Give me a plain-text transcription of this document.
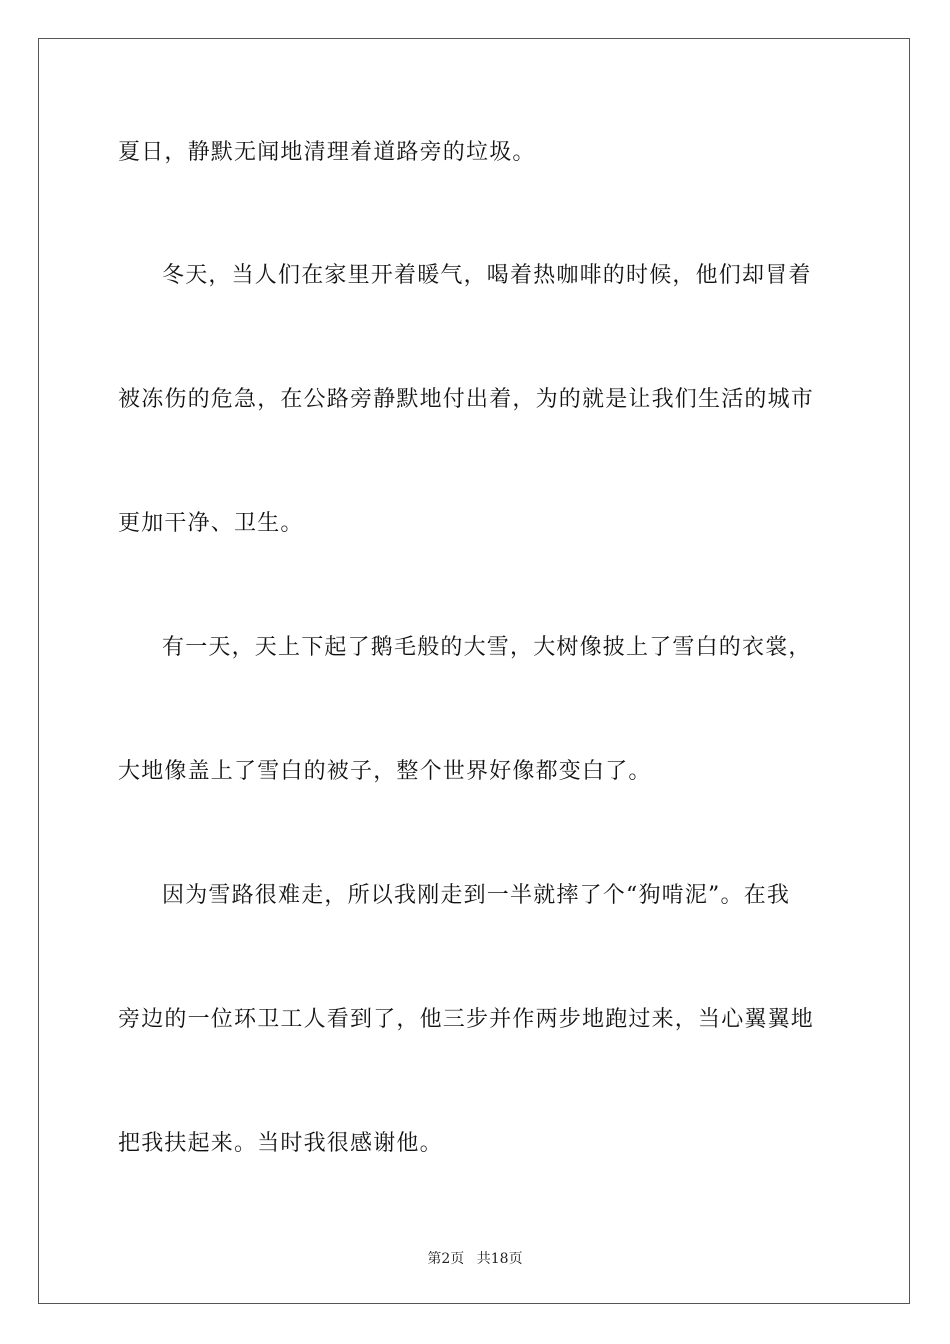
夏日，静默无闻地清理着道路旁的垃圾。
冬天，当人们在家里开着暖气，喝着热咖啡的时候，他们却冒着
被冻伤的危急，在公路旁静默地付出着，为的就是让我们生活的城市
更加干净、卫生。
有一天，天上下起了鹅毛般的大雪，大树像披上了雪白的衣裳，
大地像盖上了雪白的被子，整个世界好像都变白了。
因为雪路很难走，所以我刚走到一半就摔了个“狗啃泥”。在我
旁边的一位环卫工人看到了，他三步并作两步地跑过来，当心翼翼地
把我扶起来。当时我很感谢他。
第2页 共18页
